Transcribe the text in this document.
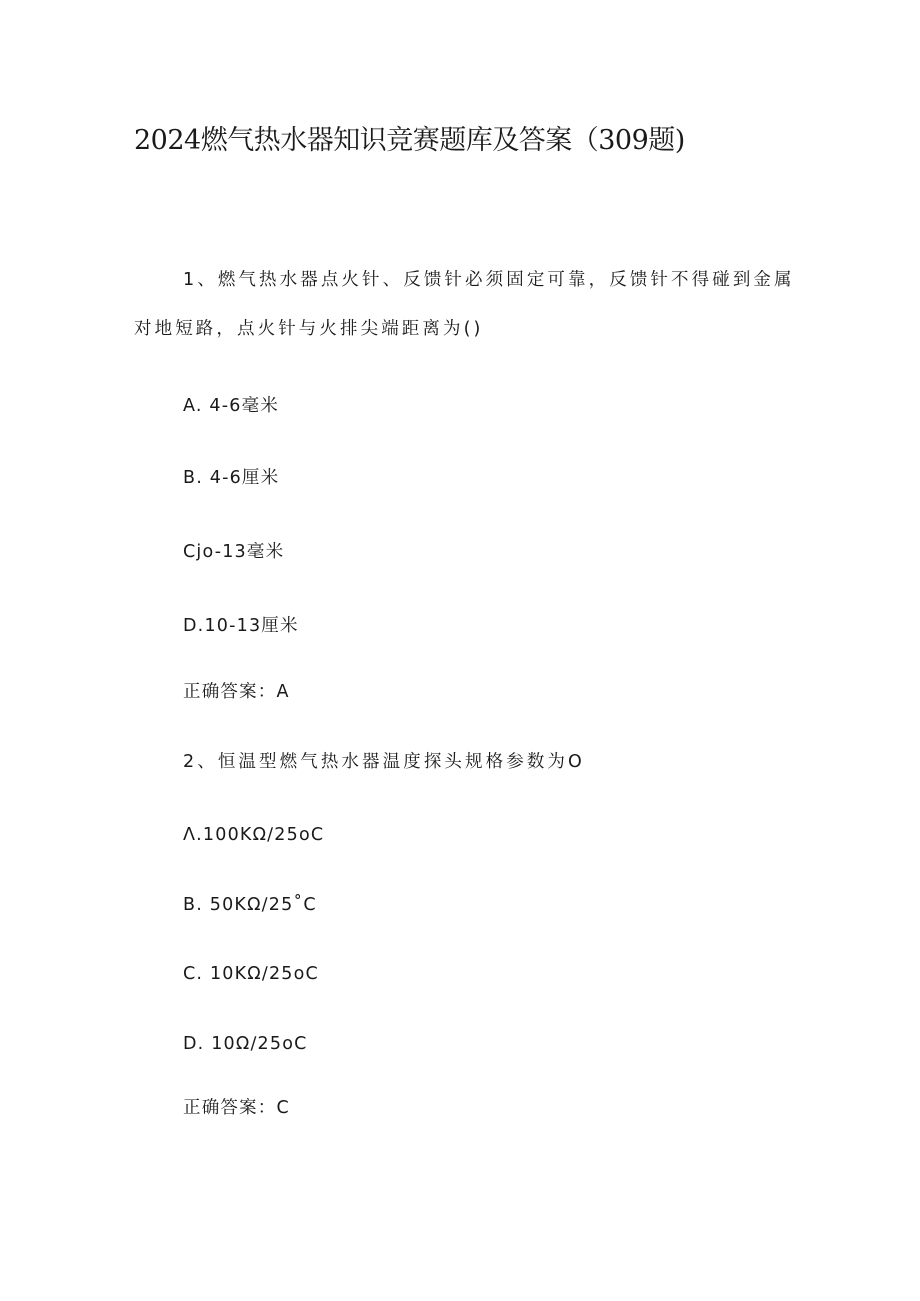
2024燃气热水器知识竞赛题库及答案（309题)

1、燃气热水器点火针、反馈针必须固定可靠，反馈针不得碰到金属

对地短路，点火针与火排尖端距离为()

A. 4-6毫米

B. 4-6厘米

Cjo-13毫米

D.10-13厘米

正确答案：A

2、恒温型燃气热水器温度探头规格参数为O

Λ.100KΩ∕25oC

B. 50KΩ∕25˚C

C. 10KΩ∕25oC

D. 10Ω∕25oC

正确答案：C
